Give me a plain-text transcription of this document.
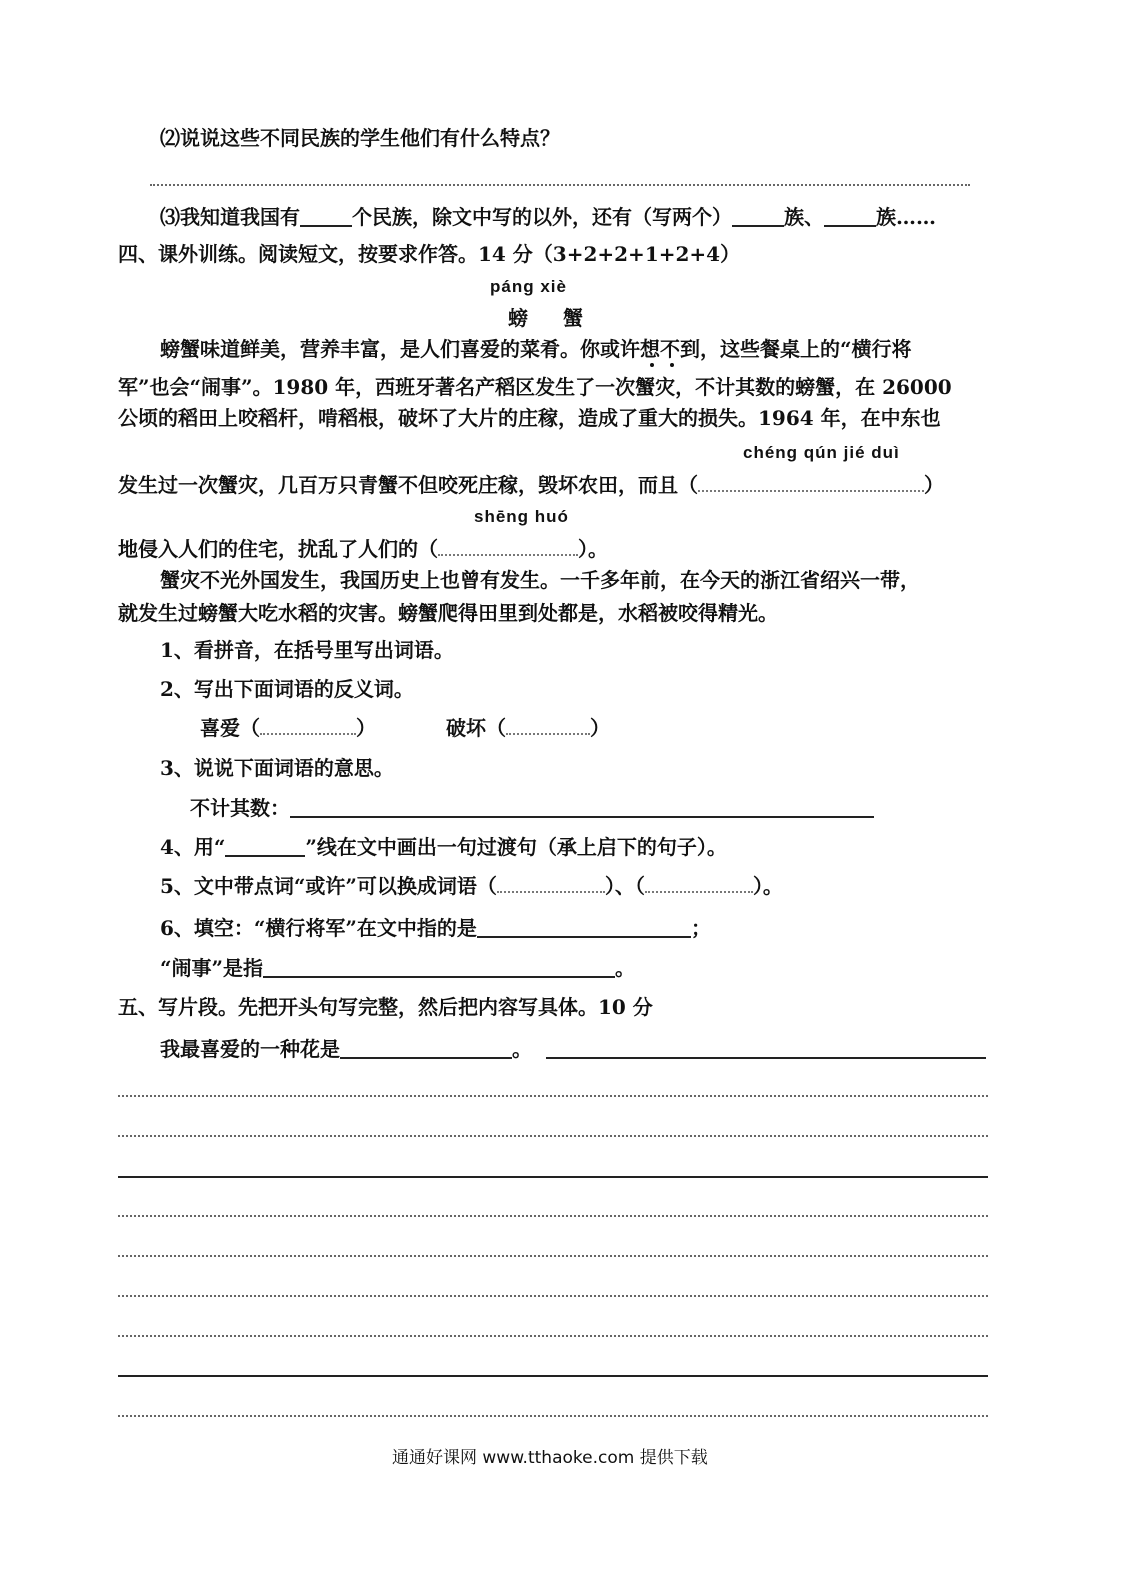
⑵说说这些不同民族的学生他们有什么特点？
⑶我知道我国有	个民族，除文中写的以外，还有（写两个）	族、	族……
四、课外训练。阅读短文，按要求作答。14 分（3+2+2+1+2+4）
páng xiè
螃 蟹
螃蟹味道鲜美，营养丰富，是人们喜爱的菜肴。你或许想不到，这些餐桌上的“横行将
军”也会“闹事”。1980 年，西班牙著名产稻区发生了一次蟹灾，不计其数的螃蟹，在 26000
公顷的稻田上咬稻杆，啃稻根，破坏了大片的庄稼，造成了重大的损失。1964 年，在中东也
chéng qún jié duì
发生过一次蟹灾，几百万只青蟹不但咬死庄稼，毁坏农田，而且（	）
shēng huó
地侵入人们的住宅，扰乱了人们的（	）。
蟹灾不光外国发生，我国历史上也曾有发生。一千多年前，在今天的浙江省绍兴一带，
就发生过螃蟹大吃水稻的灾害。螃蟹爬得田里到处都是，水稻被咬得精光。
1、看拼音，在括号里写出词语。
2、写出下面词语的反义词。
喜爱（	）	破坏（	）
3、说说下面词语的意思。
不计其数：
4、用“	”线在文中画出一句过渡句（承上启下的句子）。
5、文中带点词“或许”可以换成词语（	）、（	）。
6、填空：“横行将军”在文中指的是	；
“闹事”是指	。
五、写片段。先把开头句写完整，然后把内容写具体。10 分
我最喜爱的一种花是	。
通通好课网 www.tthaoke.com 提供下载
